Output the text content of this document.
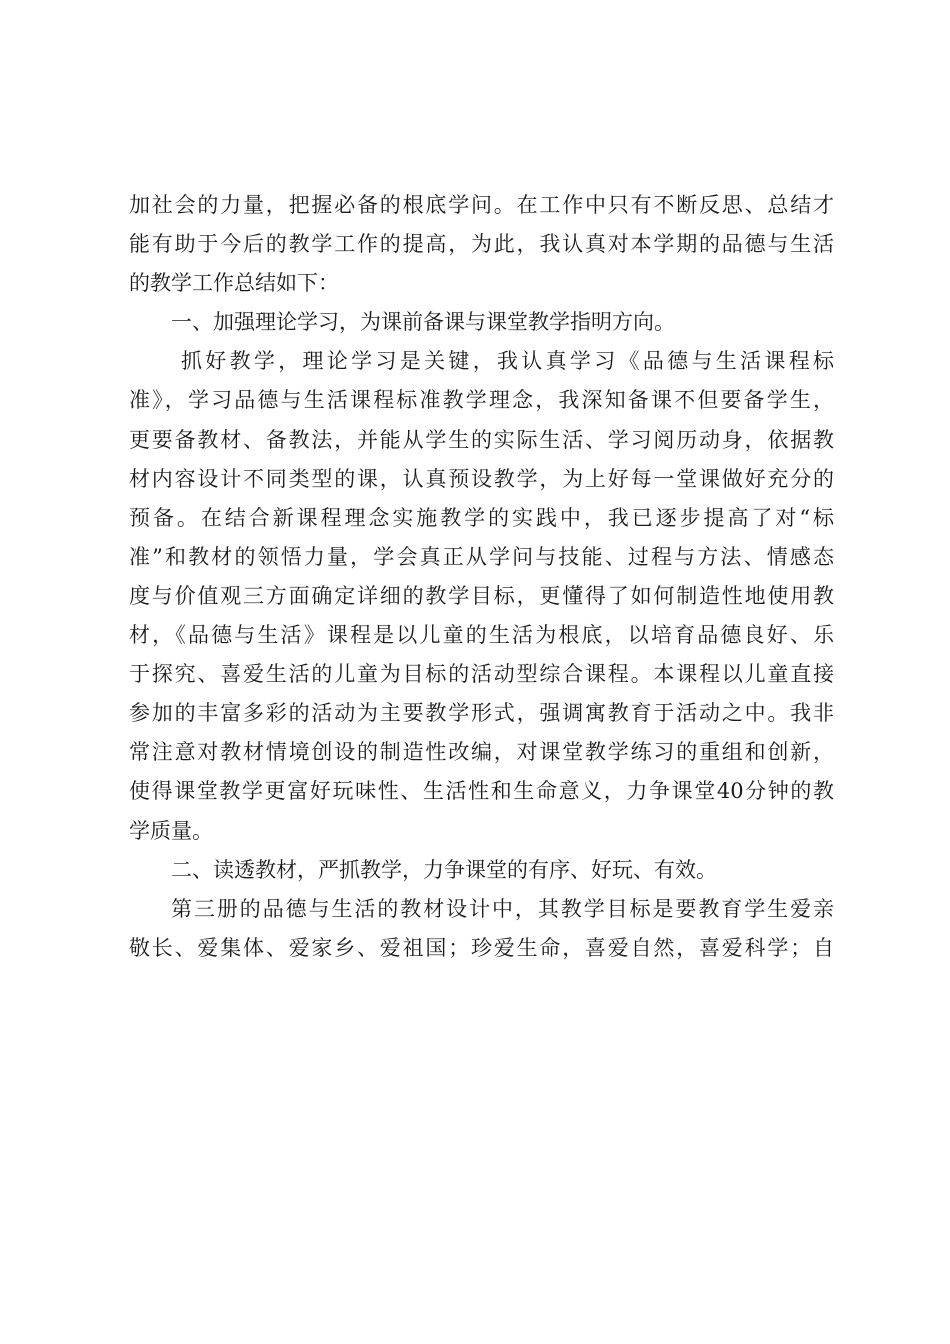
加社会的力量，把握必备的根底学问。在工作中只有不断反思、总结才
能有助于今后的教学工作的提高，为此，我认真对本学期的品德与生活
的教学工作总结如下：
一、加强理论学习，为课前备课与课堂教学指明方向。
抓好教学，理论学习是关键，我认真学习《品德与生活课程标
准》，学习品德与生活课程标准教学理念，我深知备课不但要备学生，
更要备教材、备教法，并能从学生的实际生活、学习阅历动身，依据教
材内容设计不同类型的课，认真预设教学，为上好每一堂课做好充分的
预备。在结合新课程理念实施教学的实践中，我已逐步提高了对“标
准”和教材的领悟力量，学会真正从学问与技能、过程与方法、情感态
度与价值观三方面确定详细的教学目标，更懂得了如何制造性地使用教
材，《品德与生活》课程是以儿童的生活为根底，以培育品德良好、乐
于探究、喜爱生活的儿童为目标的活动型综合课程。本课程以儿童直接
参加的丰富多彩的活动为主要教学形式，强调寓教育于活动之中。我非
常注意对教材情境创设的制造性改编，对课堂教学练习的重组和创新，
使得课堂教学更富好玩味性、生活性和生命意义，力争课堂40分钟的教
学质量。
二、读透教材，严抓教学，力争课堂的有序、好玩、有效。
第三册的品德与生活的教材设计中，其教学目标是要教育学生爱亲
敬长、爱集体、爱家乡、爱祖国；珍爱生命，喜爱自然，喜爱科学；自
